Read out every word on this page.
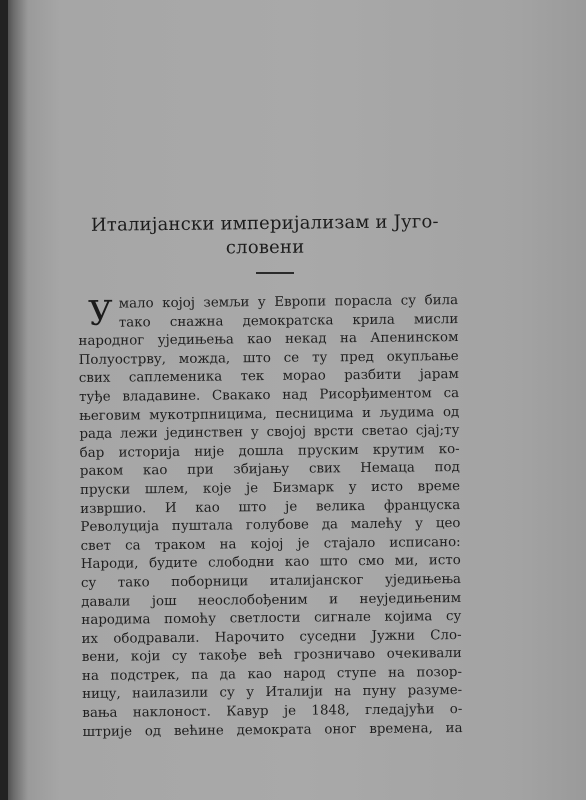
Италијански империјализам и Југо-
словени
У мало којој земљи у Европи порасла су била
тако снажна демократска крила мисли
народног уједињења као некад на Апенинском
Полуострву, можда, што се ту пред окупљање
свих саплеменика тек морао разбити јарам
туђе владавине. Свакако над Рисорђиментом са
његовим мукотрпницима, песницима и људима од
рада лежи јединствен у својој врсти светао сјај;ту
бар историја није дошла пруским крутим ко-
раком као при збијању свих Немаца под
пруски шлем, које је Бизмарк у исто време
извршио. И као што је велика француска
Револуција пуштала голубове да малећу у цео
свет са траком на којој је стајало исписано:
Народи, будите слободни као што смо ми, исто
су тако поборници италијанског уједињења
давали још неослобођеним и неуједињеним
народима помоћу светлости сигнале којима су
их ободравали. Нарочито суседни Јужни Сло-
вени, који су такође већ грозничаво очекивали
на подстрек, па да као народ ступе на позор-
ницу, наилазили су у Италији на пуну разуме-
вања наклоност. Кавур је 1848, гледајући о-
штрије од већине демократа оног времена, иа
